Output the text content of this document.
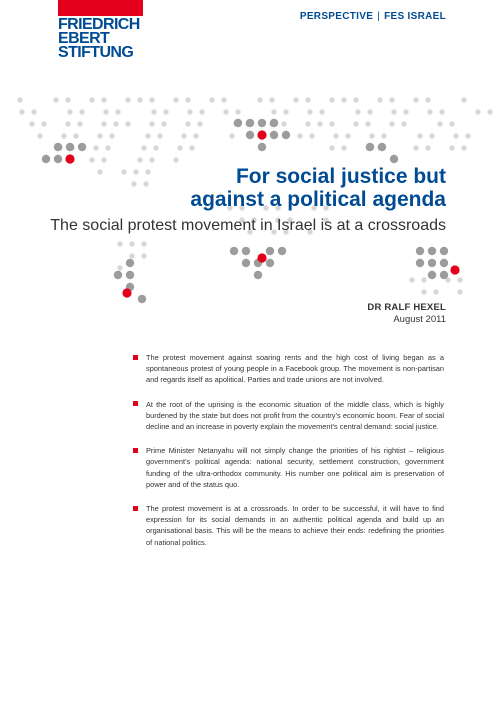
FRIEDRICH
EBERT
STIFTUNG
PERSPECTIVE | FES ISRAEL
For social justice but
against a political agenda
The social protest movement in Israel is at a crossroads
DR RALF HEXEL
August 2011
The protest movement against soaring rents and the high cost of living began as a spontaneous protest of young people in a Facebook group. The movement is non-partisan and regards itself as apolitical. Parties and trade unions are not involved.
At the root of the uprising is the economic situation of the middle class, which is highly burdened by the state but does not profit from the country’s economic boom. Fear of social decline and an increase in poverty explain the movement’s central demand: social justice.
Prime Minister Netanyahu will not simply change the priorities of his rightist – religious government’s political agenda: national security, settlement construction, government funding of the ultra-orthodox community. His number one political aim is preservation of power and of the status quo.
The protest movement is at a crossroads. In order to be successful, it will have to find expression for its social demands in an authentic political agenda and build up an organisational basis. This will be the means to achieve their ends: redefining the priorities of national politics.
